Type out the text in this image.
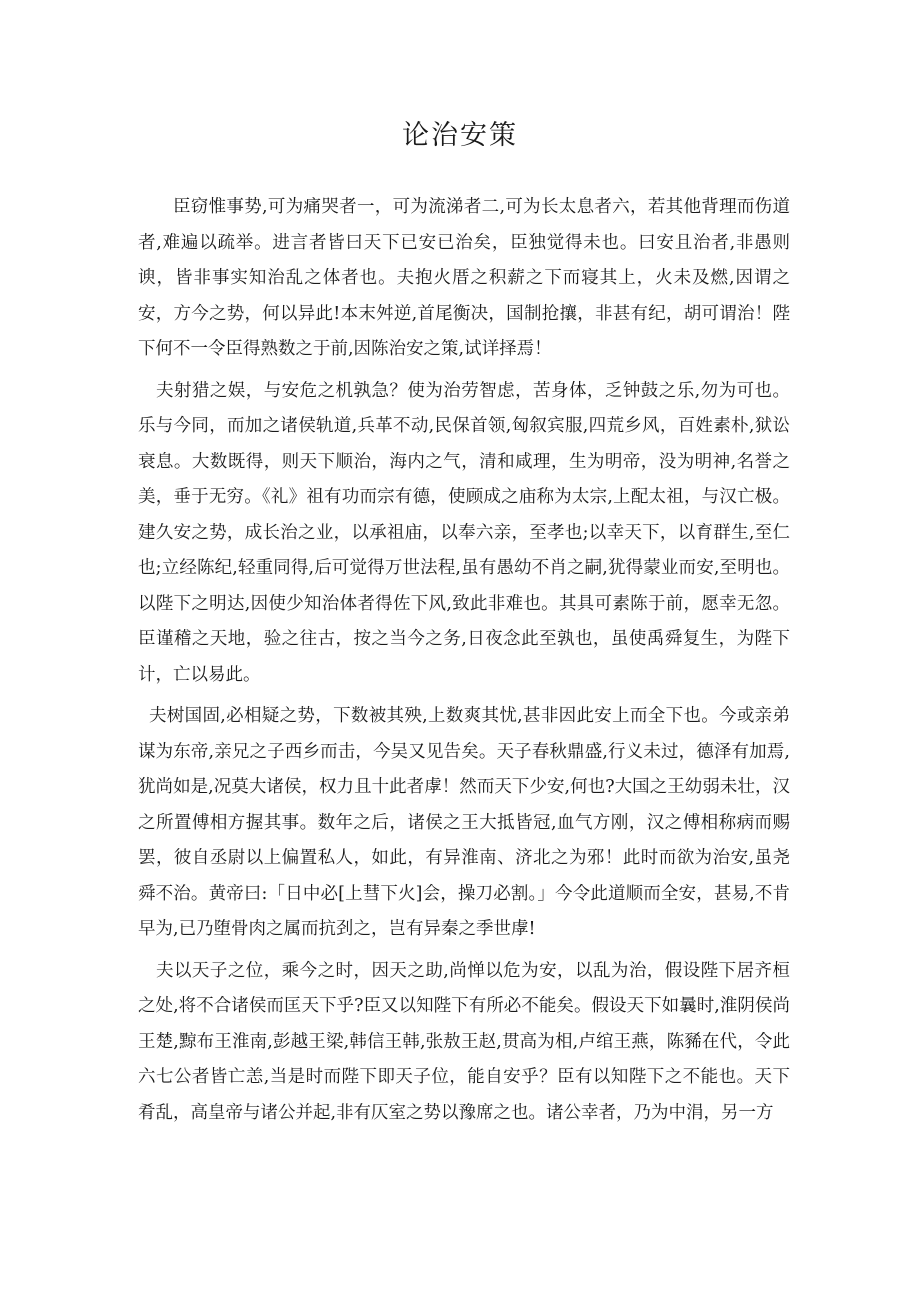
论治安策

臣窃惟事势,可为痛哭者一，可为流涕者二,可为长太息者六，若其他背理而伤道者,难遍以疏举。进言者皆曰天下已安已治矣，臣独觉得未也。曰安且治者,非愚则谀，皆非事实知治乱之体者也。夫抱火厝之积薪之下而寝其上，火未及燃,因谓之安，方今之势，何以异此!本末舛逆,首尾衡决，国制抢攘，非甚有纪，胡可谓治！陛下何不一令臣得熟数之于前,因陈治安之策,试详择焉！

夫射猎之娱，与安危之机孰急？使为治劳智虑，苦身体，乏钟鼓之乐,勿为可也。乐与今同，而加之诸侯轨道,兵革不动,民保首领,匈叙宾服,四荒乡风，百姓素朴,狱讼衰息。大数既得，则天下顺治，海内之气，清和咸理，生为明帝，没为明神,名誉之美，垂于无穷。《礼》祖有功而宗有德，使顾成之庙称为太宗,上配太祖，与汉亡极。建久安之势，成长治之业，以承祖庙，以奉六亲，至孝也;以幸天下，以育群生,至仁也;立经陈纪,轻重同得,后可觉得万世法程,虽有愚幼不肖之嗣,犹得蒙业而安,至明也。以陛下之明达,因使少知治体者得佐下风,致此非难也。其具可素陈于前，愿幸无忽。臣谨稽之天地，验之往古，按之当今之务,日夜念此至孰也，虽使禹舜复生，为陛下计，亡以易此。

夫树国固,必相疑之势，下数被其殃,上数爽其忧,甚非因此安上而全下也。今或亲弟谋为东帝,亲兄之子西乡而击，今吴又见告矣。天子春秋鼎盛,行义未过，德泽有加焉,犹尚如是,况莫大诸侯，权力且十此者虖！然而天下少安,何也?大国之王幼弱未壮，汉之所置傅相方握其事。数年之后，诸侯之王大抵皆冠,血气方刚，汉之傅相称病而赐罢，彼自丞尉以上偏置私人，如此，有异淮南、济北之为邪！此时而欲为治安,虽尧舜不治。黄帝曰:「日中必[上彗下火]会，操刀必割。」今令此道顺而全安，甚易,不肯早为,已乃堕骨肉之属而抗刭之，岂有异秦之季世虖!

夫以天子之位，乘今之时，因天之助,尚惮以危为安，以乱为治，假设陛下居齐桓之处,将不合诸侯而匡天下乎?臣又以知陛下有所必不能矣。假设天下如曩时,淮阴侯尚王楚,黥布王淮南,彭越王梁,韩信王韩,张敖王赵,贯高为相,卢绾王燕，陈豨在代，令此六七公者皆亡恙,当是时而陛下即天子位，能自安乎？臣有以知陛下之不能也。天下肴乱，高皇帝与诸公并起,非有仄室之势以豫席之也。诸公幸者，乃为中涓，另一方
